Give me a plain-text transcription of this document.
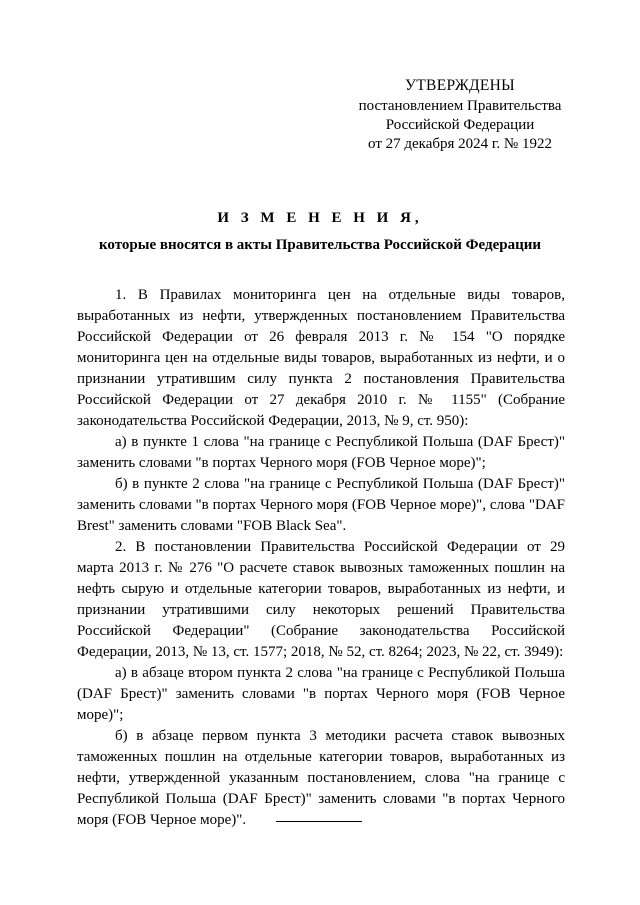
УТВЕРЖДЕНЫ
постановлением Правительства
Российской Федерации
от 27 декабря 2024 г. № 1922
И З М Е Н Е Н И Я,
которые вносятся в акты Правительства Российской Федерации

1. В Правилах мониторинга цен на отдельные виды товаров, выработанных из нефти, утвержденных постановлением Правительства Российской Федерации от 26 февраля 2013 г. № 154 "О порядке мониторинга цен на отдельные виды товаров, выработанных из нефти, и о признании утратившим силу пункта 2 постановления Правительства Российской Федерации от 27 декабря 2010 г. № 1155" (Собрание законодательства Российской Федерации, 2013, № 9, ст. 950):

а) в пункте 1 слова "на границе с Республикой Польша (DAF Брест)" заменить словами "в портах Черного моря (FOB Черное море)";

б) в пункте 2 слова "на границе с Республикой Польша (DAF Брест)" заменить словами "в портах Черного моря (FOB Черное море)", слова "DAF Brest" заменить словами "FOB Black Sea".

2. В постановлении Правительства Российской Федерации от 29 марта 2013 г. № 276 "О расчете ставок вывозных таможенных пошлин на нефть сырую и отдельные категории товаров, выработанных из нефти, и признании утратившими силу некоторых решений Правительства Российской Федерации" (Собрание законодательства Российской Федерации, 2013, № 13, ст. 1577; 2018, № 52, ст. 8264; 2023, № 22, ст. 3949):

а) в абзаце втором пункта 2 слова "на границе с Республикой Польша (DAF Брест)" заменить словами "в портах Черного моря (FOB Черное море)";

б) в абзаце первом пункта 3 методики расчета ставок вывозных таможенных пошлин на отдельные категории товаров, выработанных из нефти, утвержденной указанным постановлением, слова "на границе с Республикой Польша (DAF Брест)" заменить словами "в портах Черного моря (FOB Черное море)".
